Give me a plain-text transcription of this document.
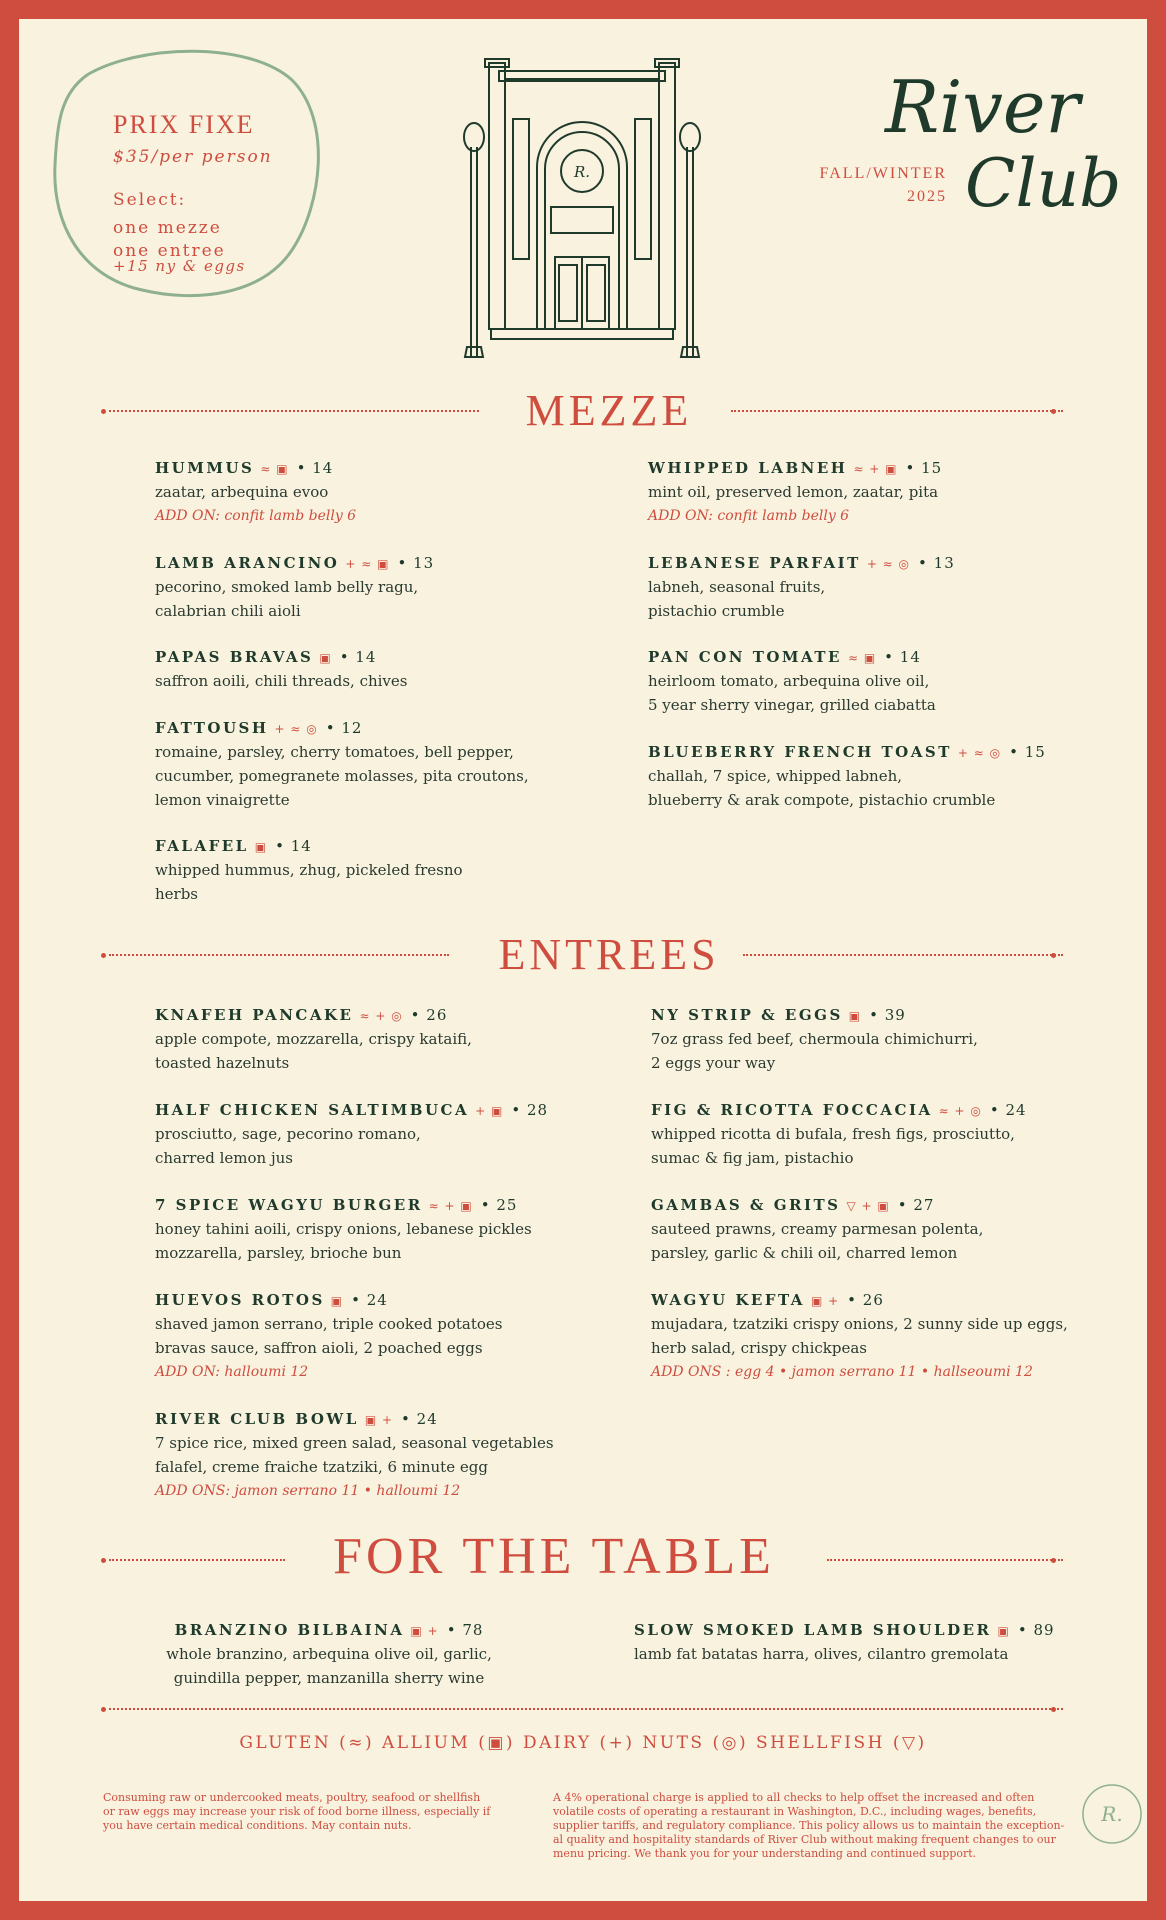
PRIX FIXE
$35/per person
Select:
one mezze
one entree
+15 ny & eggs
R.	FALL/WINTER
2025
River
Club
MEZZE
HUMMUS ≈ ▣ • 14
zaatar, arbequina evoo
ADD ON: confit lamb belly 6
LAMB ARANCINO + ≈ ▣ • 13
pecorino, smoked lamb belly ragu,
calabrian chili aioli
PAPAS BRAVAS ▣ • 14
saffron aoili, chili threads, chives
FATTOUSH + ≈ ◎ • 12
romaine, parsley, cherry tomatoes, bell pepper,
cucumber, pomegranete molasses, pita croutons,
lemon vinaigrette
FALAFEL ▣ • 14
whipped hummus, zhug, pickeled fresno
herbs
WHIPPED LABNEH ≈ + ▣ • 15
mint oil, preserved lemon, zaatar, pita
ADD ON: confit lamb belly 6
LEBANESE PARFAIT + ≈ ◎ • 13
labneh, seasonal fruits,
pistachio crumble
PAN CON TOMATE ≈ ▣ • 14
heirloom tomato, arbequina olive oil,
5 year sherry vinegar, grilled ciabatta
BLUEBERRY FRENCH TOAST + ≈ ◎ • 15
challah, 7 spice, whipped labneh,
blueberry & arak compote, pistachio crumble
ENTREES
KNAFEH PANCAKE ≈ + ◎ • 26
apple compote, mozzarella, crispy kataifi,
toasted hazelnuts
HALF CHICKEN SALTIMBUCA + ▣ • 28
prosciutto, sage, pecorino romano,
charred lemon jus
7 SPICE WAGYU BURGER ≈ + ▣ • 25
honey tahini aoili, crispy onions, lebanese pickles
mozzarella, parsley, brioche bun
HUEVOS ROTOS ▣ • 24
shaved jamon serrano, triple cooked potatoes
bravas sauce, saffron aioli, 2 poached eggs
ADD ON: halloumi 12
RIVER CLUB BOWL ▣ + • 24
7 spice rice, mixed green salad, seasonal vegetables
falafel, creme fraiche tzatziki, 6 minute egg
ADD ONS: jamon serrano 11 • halloumi 12
NY STRIP & EGGS ▣ • 39
7oz grass fed beef, chermoula chimichurri,
2 eggs your way
FIG & RICOTTA FOCCACIA ≈ + ◎ • 24
whipped ricotta di bufala, fresh figs, prosciutto,
sumac & fig jam, pistachio
GAMBAS & GRITS ▽ + ▣ • 27
sauteed prawns, creamy parmesan polenta,
parsley, garlic & chili oil, charred lemon
WAGYU KEFTA ▣ + • 26
mujadara, tzatziki crispy onions, 2 sunny side up eggs,
herb salad, crispy chickpeas
ADD ONS : egg 4 • jamon serrano 11 • hallseoumi 12
FOR THE TABLE
BRANZINO BILBAINA ▣ + • 78
whole branzino, arbequina olive oil, garlic,
guindilla pepper, manzanilla sherry wine
SLOW SMOKED LAMB SHOULDER ▣ • 89
lamb fat batatas harra, olives, cilantro gremolata
GLUTEN (≈) ALLIUM (▣) DAIRY (+) NUTS (◎) SHELLFISH (▽)
Consuming raw or undercooked meats, poultry, seafood or shellfish
or raw eggs may increase your risk of food borne illness, especially if
you have certain medical conditions. May contain nuts.
A 4% operational charge is applied to all checks to help offset the increased and often
volatile costs of operating a restaurant in Washington, D.C., including wages, benefits,
supplier tariffs, and regulatory compliance. This policy allows us to maintain the exception-
al quality and hospitality standards of River Club without making frequent changes to our
menu pricing. We thank you for your understanding and continued support.
R.
